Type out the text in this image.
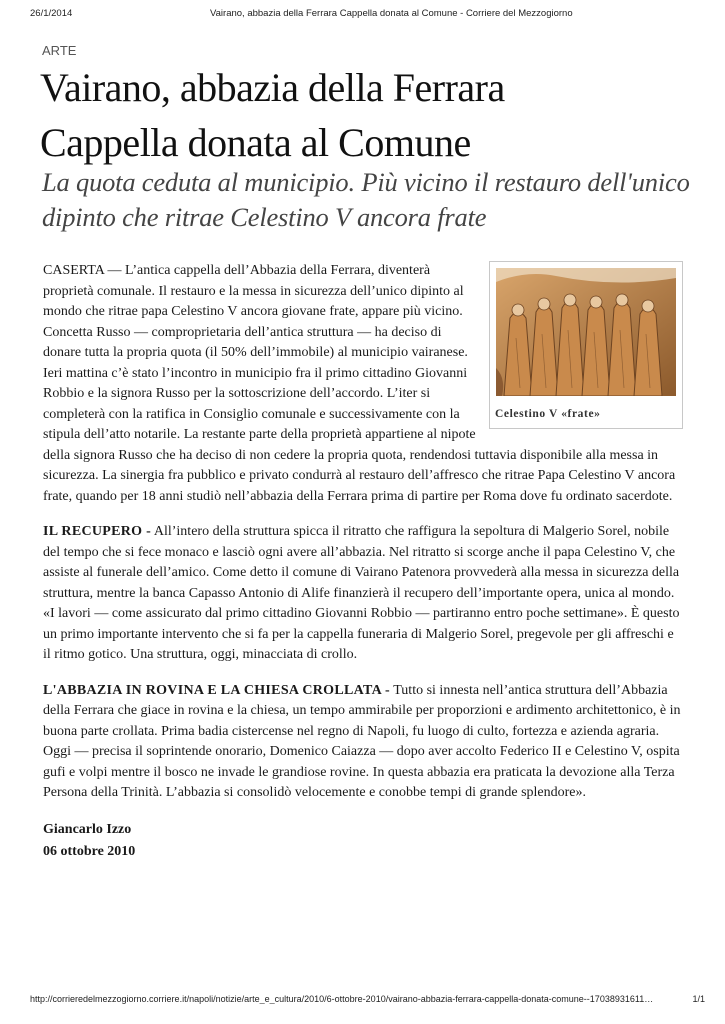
26/1/2014	Vairano, abbazia della Ferrara Cappella donata al Comune - Corriere del Mezzogiorno
ARTE
Vairano, abbazia della Ferrara
Cappella donata al Comune
La quota ceduta al municipio. Più vicino il restauro dell'unico dipinto che ritrae Celestino V ancora frate
Celestino V «frate»

CASERTA — L’antica cappella dell’Abbazia della Ferrara, diventerà proprietà comunale. Il restauro e la messa in sicurezza dell’unico dipinto al mondo che ritrae papa Celestino V ancora giovane frate, appare più vicino. Concetta Russo — comproprietaria dell’antica struttura — ha deciso di donare tutta la propria quota (il 50% dell’immobile) al municipio vairanese. Ieri mattina c’è stato l’incontro in municipio fra il primo cittadino Giovanni Robbio e la signora Russo per la sottoscrizione dell’accordo. L’iter si completerà con la ratifica in Consiglio comunale e successivamente con la stipula dell’atto notarile. La restante parte della proprietà appartiene al nipote della signora Russo che ha deciso di non cedere la propria quota, rendendosi tuttavia disponibile alla messa in sicurezza. La sinergia fra pubblico e privato condurrà al restauro dell’affresco che ritrae Papa Celestino V ancora frate, quando per 18 anni studiò nell’abbazia della Ferrara prima di partire per Roma dove fu ordinato sacerdote.

IL RECUPERO - All’intero della struttura spicca il ritratto che raffigura la sepoltura di Malgerio Sorel, nobile del tempo che si fece monaco e lasciò ogni avere all’abbazia. Nel ritratto si scorge anche il papa Celestino V, che assiste al funerale dell’amico. Come detto il comune di Vairano Patenora provvederà alla messa in sicurezza della struttura, mentre la banca Capasso Antonio di Alife finanzierà il recupero dell’importante opera, unica al mondo. «I lavori — come assicurato dal primo cittadino Giovanni Robbio — partiranno entro poche settimane». È questo un primo importante intervento che si fa per la cappella funeraria di Malgerio Sorel, pregevole per gli affreschi e il ritmo gotico. Una struttura, oggi, minacciata di crollo.

L'ABBAZIA IN ROVINA E LA CHIESA CROLLATA - Tutto si innesta nell’antica struttura dell’Abbazia della Ferrara che giace in rovina e la chiesa, un tempo ammirabile per proporzioni e ardimento architettonico, è in buona parte crollata. Prima badia cistercense nel regno di Napoli, fu luogo di culto, fortezza e azienda agraria. Oggi — precisa il soprintende onorario, Domenico Caiazza — dopo aver accolto Federico II e Celestino V, ospita gufi e volpi mentre il bosco ne invade le grandiose rovine. In questa abbazia era praticata la devozione alla Terza Persona della Trinità. L’abbazia si consolidò velocemente e conobbe tempi di grande splendore».

Giancarlo Izzo
06 ottobre 2010
http://corrieredelmezzogiorno.corriere.it/napoli/notizie/arte_e_cultura/2010/6-ottobre-2010/vairano-abbazia-ferrara-cappella-donata-comune--17038931611…	1/1
